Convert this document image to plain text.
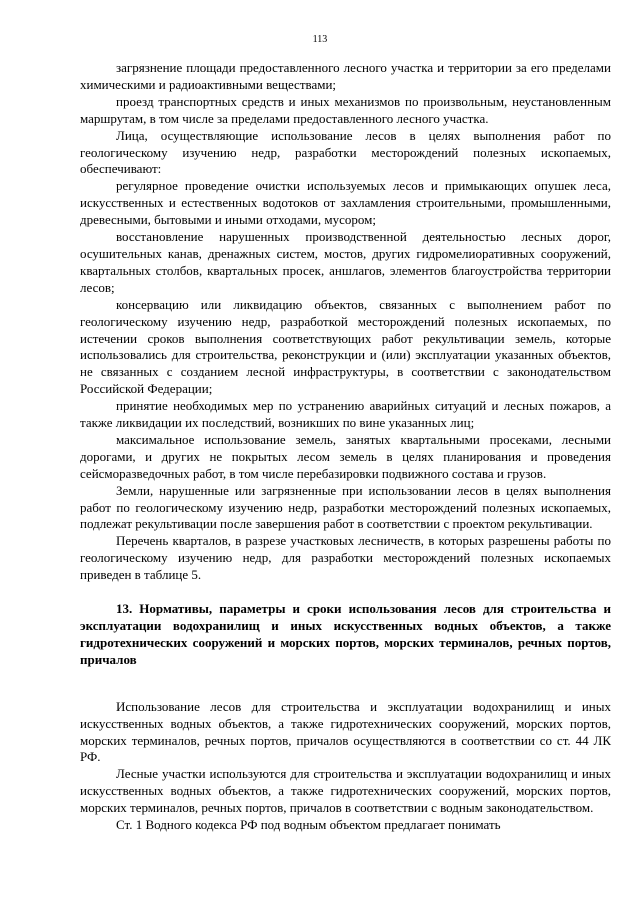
113

загрязнение площади предоставленного лесного участка и территории за его пределами химическими и радиоактивными веществами;

проезд транспортных средств и иных механизмов по произвольным, неустановленным маршрутам, в том числе за пределами предоставленного лесного участка.

Лица, осуществляющие использование лесов в целях выполнения работ по геологическому изучению недр, разработки месторождений полезных ископаемых, обеспечивают:

регулярное проведение очистки используемых лесов и примыкающих опушек леса, искусственных и естественных водотоков от захламления строительными, промышленными, древесными, бытовыми и иными отходами, мусором;

восстановление нарушенных производственной деятельностью лесных дорог, осушительных канав, дренажных систем, мостов, других гидромелиоративных сооружений, квартальных столбов, квартальных просек, аншлагов, элементов благоустройства территории лесов;

консервацию или ликвидацию объектов, связанных с выполнением работ по геологическому изучению недр, разработкой месторождений полезных ископаемых, по истечении сроков выполнения соответствующих работ рекультивации земель, которые использовались для строительства, реконструкции и (или) эксплуатации указанных объектов, не связанных с созданием лесной инфраструктуры, в соответствии с законодательством Российской Федерации;

принятие необходимых мер по устранению аварийных ситуаций и лесных пожаров, а также ликвидации их последствий, возникших по вине указанных лиц;

максимальное использование земель, занятых квартальными просеками, лесными дорогами, и других не покрытых лесом земель в целях планирования и проведения сейсморазведочных работ, в том числе перебазировки подвижного состава и грузов.

Земли, нарушенные или загрязненные при использовании лесов в целях выполнения работ по геологическому изучению недр, разработки месторождений полезных ископаемых, подлежат рекультивации после завершения работ в соответствии с проектом рекультивации.

Перечень кварталов, в разрезе участковых лесничеств, в которых разрешены работы по геологическому изучению недр, для разработки месторождений полезных ископаемых приведен в таблице 5.

13. Нормативы, параметры и сроки использования лесов для строительства и эксплуатации водохранилищ и иных искусственных водных объектов, а также гидротехнических сооружений и морских портов, морских терминалов, речных портов, причалов

Использование лесов для строительства и эксплуатации водохранилищ и иных искусственных водных объектов, а также гидротехнических сооружений, морских портов, морских терминалов, речных портов, причалов осуществляются в соответствии со ст. 44 ЛК РФ.

Лесные участки используются для строительства и эксплуатации водохранилищ и иных искусственных водных объектов, а также гидротехнических сооружений, морских портов, морских терминалов, речных портов, причалов в соответствии с водным законодательством.

Ст. 1 Водного кодекса РФ под водным объектом предлагает понимать
